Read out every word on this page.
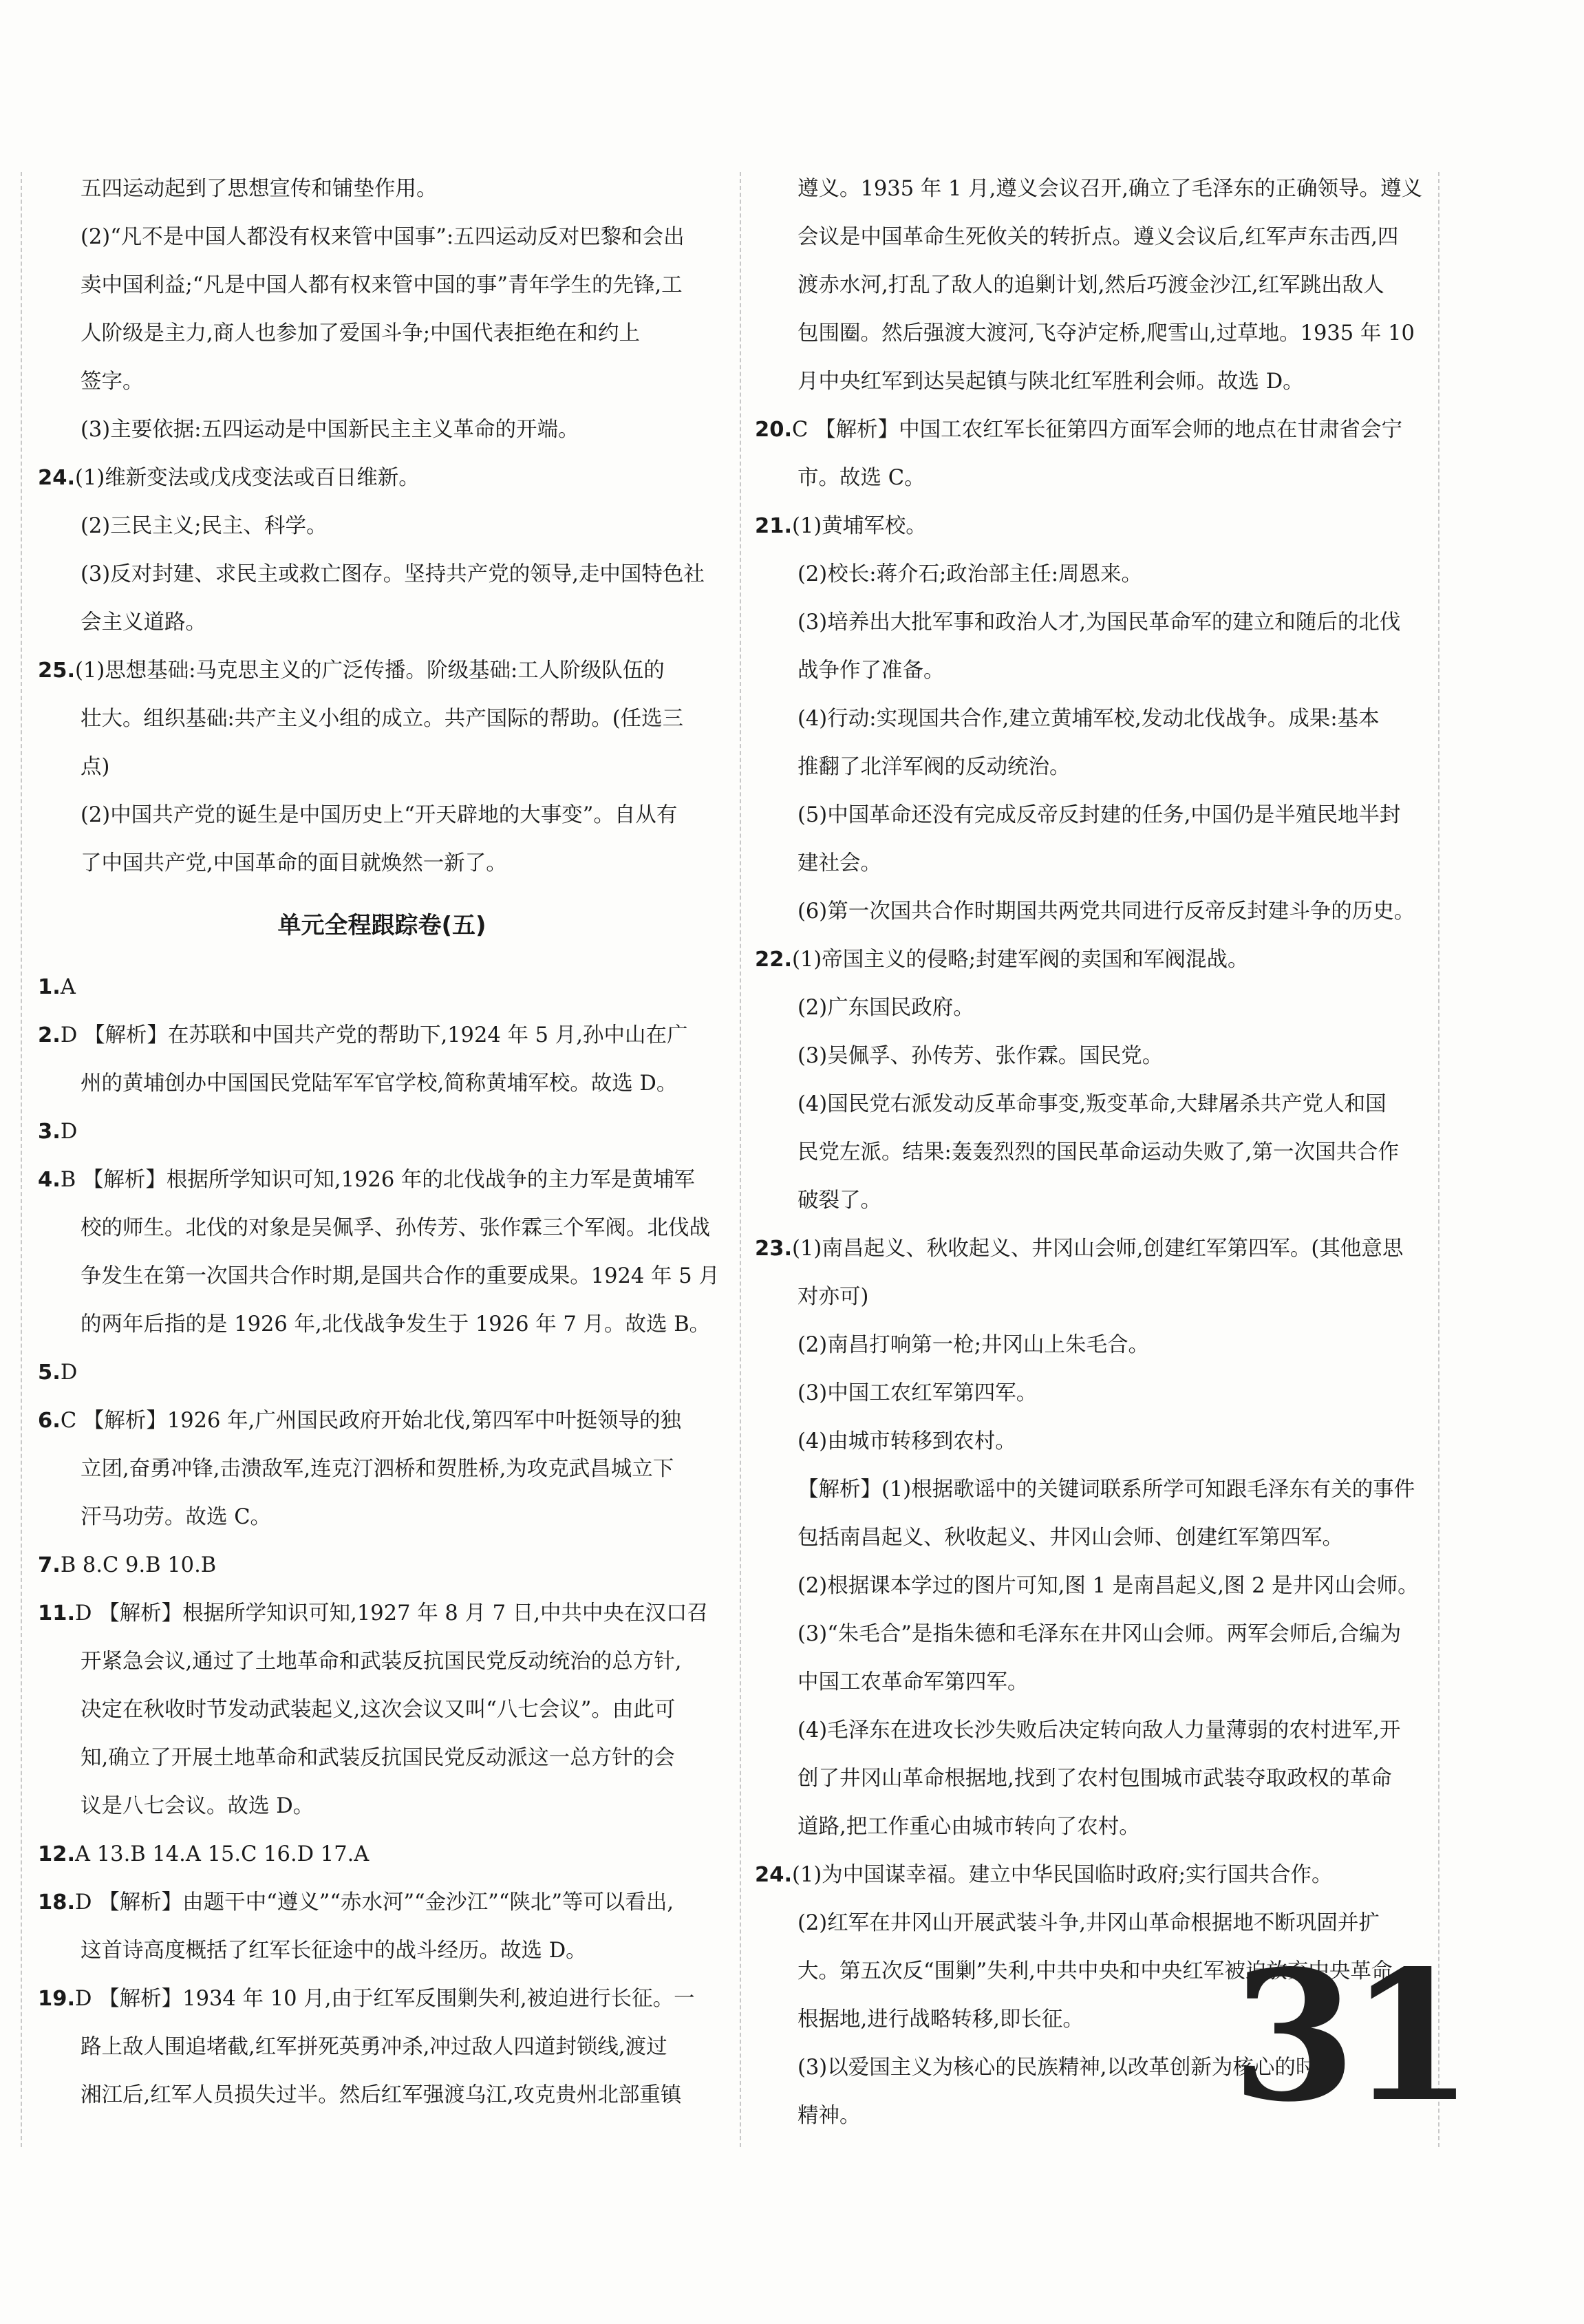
五四运动起到了思想宣传和铺垫作用。
(2)“凡不是中国人都没有权来管中国事”:五四运动反对巴黎和会出
卖中国利益;“凡是中国人都有权来管中国的事”青年学生的先锋,工
人阶级是主力,商人也参加了爱国斗争;中国代表拒绝在和约上
签字。
(3)主要依据:五四运动是中国新民主主义革命的开端。
24.(1)维新变法或戊戌变法或百日维新。
(2)三民主义;民主、科学。
(3)反对封建、求民主或救亡图存。坚持共产党的领导,走中国特色社
会主义道路。
25.(1)思想基础:马克思主义的广泛传播。阶级基础:工人阶级队伍的
壮大。组织基础:共产主义小组的成立。共产国际的帮助。(任选三
点)
(2)中国共产党的诞生是中国历史上“开天辟地的大事变”。自从有
了中国共产党,中国革命的面目就焕然一新了。
单元全程跟踪卷(五)
1.A
2.D 【解析】在苏联和中国共产党的帮助下,1924 年 5 月,孙中山在广
州的黄埔创办中国国民党陆军军官学校,简称黄埔军校。故选 D。
3.D
4.B 【解析】根据所学知识可知,1926 年的北伐战争的主力军是黄埔军
校的师生。北伐的对象是吴佩孚、孙传芳、张作霖三个军阀。北伐战
争发生在第一次国共合作时期,是国共合作的重要成果。1924 年 5 月
的两年后指的是 1926 年,北伐战争发生于 1926 年 7 月。故选 B。
5.D
6.C 【解析】1926 年,广州国民政府开始北伐,第四军中叶挺领导的独
立团,奋勇冲锋,击溃敌军,连克汀泗桥和贺胜桥,为攻克武昌城立下
汗马功劳。故选 C。
7.B 8.C 9.B 10.B
11.D 【解析】根据所学知识可知,1927 年 8 月 7 日,中共中央在汉口召
开紧急会议,通过了土地革命和武装反抗国民党反动统治的总方针,
决定在秋收时节发动武装起义,这次会议又叫“八七会议”。由此可
知,确立了开展土地革命和武装反抗国民党反动派这一总方针的会
议是八七会议。故选 D。
12.A 13.B 14.A 15.C 16.D 17.A
18.D 【解析】由题干中“遵义”“赤水河”“金沙江”“陕北”等可以看出,
这首诗高度概括了红军长征途中的战斗经历。故选 D。
19.D 【解析】1934 年 10 月,由于红军反围剿失利,被迫进行长征。一
路上敌人围追堵截,红军拼死英勇冲杀,冲过敌人四道封锁线,渡过
湘江后,红军人员损失过半。然后红军强渡乌江,攻克贵州北部重镇
遵义。1935 年 1 月,遵义会议召开,确立了毛泽东的正确领导。遵义
会议是中国革命生死攸关的转折点。遵义会议后,红军声东击西,四
渡赤水河,打乱了敌人的追剿计划,然后巧渡金沙江,红军跳出敌人
包围圈。然后强渡大渡河,飞夺泸定桥,爬雪山,过草地。1935 年 10
月中央红军到达吴起镇与陕北红军胜利会师。故选 D。
20.C 【解析】中国工农红军长征第四方面军会师的地点在甘肃省会宁
市。故选 C。
21.(1)黄埔军校。
(2)校长:蒋介石;政治部主任:周恩来。
(3)培养出大批军事和政治人才,为国民革命军的建立和随后的北伐
战争作了准备。
(4)行动:实现国共合作,建立黄埔军校,发动北伐战争。成果:基本
推翻了北洋军阀的反动统治。
(5)中国革命还没有完成反帝反封建的任务,中国仍是半殖民地半封
建社会。
(6)第一次国共合作时期国共两党共同进行反帝反封建斗争的历史。
22.(1)帝国主义的侵略;封建军阀的卖国和军阀混战。
(2)广东国民政府。
(3)吴佩孚、孙传芳、张作霖。国民党。
(4)国民党右派发动反革命事变,叛变革命,大肆屠杀共产党人和国
民党左派。结果:轰轰烈烈的国民革命运动失败了,第一次国共合作
破裂了。
23.(1)南昌起义、秋收起义、井冈山会师,创建红军第四军。(其他意思
对亦可)
(2)南昌打响第一枪;井冈山上朱毛合。
(3)中国工农红军第四军。
(4)由城市转移到农村。
【解析】(1)根据歌谣中的关键词联系所学可知跟毛泽东有关的事件
包括南昌起义、秋收起义、井冈山会师、创建红军第四军。
(2)根据课本学过的图片可知,图 1 是南昌起义,图 2 是井冈山会师。
(3)“朱毛合”是指朱德和毛泽东在井冈山会师。两军会师后,合编为
中国工农革命军第四军。
(4)毛泽东在进攻长沙失败后决定转向敌人力量薄弱的农村进军,开
创了井冈山革命根据地,找到了农村包围城市武装夺取政权的革命
道路,把工作重心由城市转向了农村。
24.(1)为中国谋幸福。建立中华民国临时政府;实行国共合作。
(2)红军在井冈山开展武装斗争,井冈山革命根据地不断巩固并扩
大。第五次反“围剿”失利,中共中央和中央红军被迫放弃中央革命
根据地,进行战略转移,即长征。
(3)以爱国主义为核心的民族精神,以改革创新为核心的时代
精神。	31
